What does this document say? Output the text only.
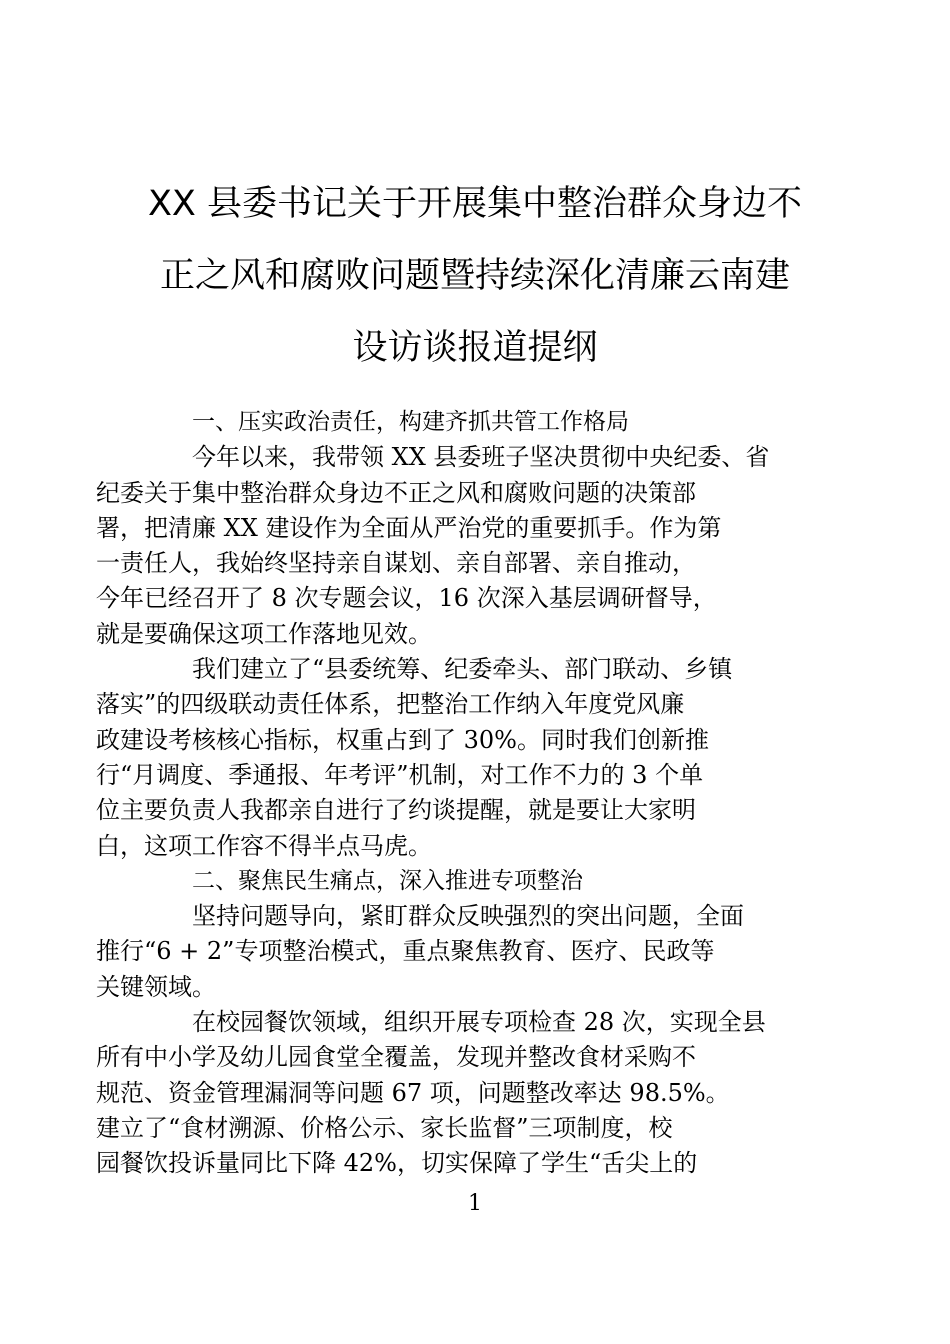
XX 县委书记关于开展集中整治群众身边不
正之风和腐败问题暨持续深化清廉云南建
设访谈报道提纲

一、压实政治责任，构建齐抓共管工作格局

今年以来，我带领 XX 县委班子坚决贯彻中央纪委、省
纪委关于集中整治群众身边不正之风和腐败问题的决策部
署，把清廉 XX 建设作为全面从严治党的重要抓手。作为第
一责任人，我始终坚持亲自谋划、亲自部署、亲自推动，
今年已经召开了 8 次专题会议，16 次深入基层调研督导，
就是要确保这项工作落地见效。

我们建立了“县委统筹、纪委牵头、部门联动、乡镇
落实”的四级联动责任体系，把整治工作纳入年度党风廉
政建设考核核心指标，权重占到了 30%。同时我们创新推
行“月调度、季通报、年考评”机制，对工作不力的 3 个单
位主要负责人我都亲自进行了约谈提醒，就是要让大家明
白，这项工作容不得半点马虎。

二、聚焦民生痛点，深入推进专项整治

坚持问题导向，紧盯群众反映强烈的突出问题，全面
推行“6 + 2”专项整治模式，重点聚焦教育、医疗、民政等
关键领域。

在校园餐饮领域，组织开展专项检查 28 次，实现全县
所有中小学及幼儿园食堂全覆盖，发现并整改食材采购不
规范、资金管理漏洞等问题 67 项，问题整改率达 98.5%。
建立了“食材溯源、价格公示、家长监督”三项制度，校
园餐饮投诉量同比下降 42%，切实保障了学生“舌尖上的

1
